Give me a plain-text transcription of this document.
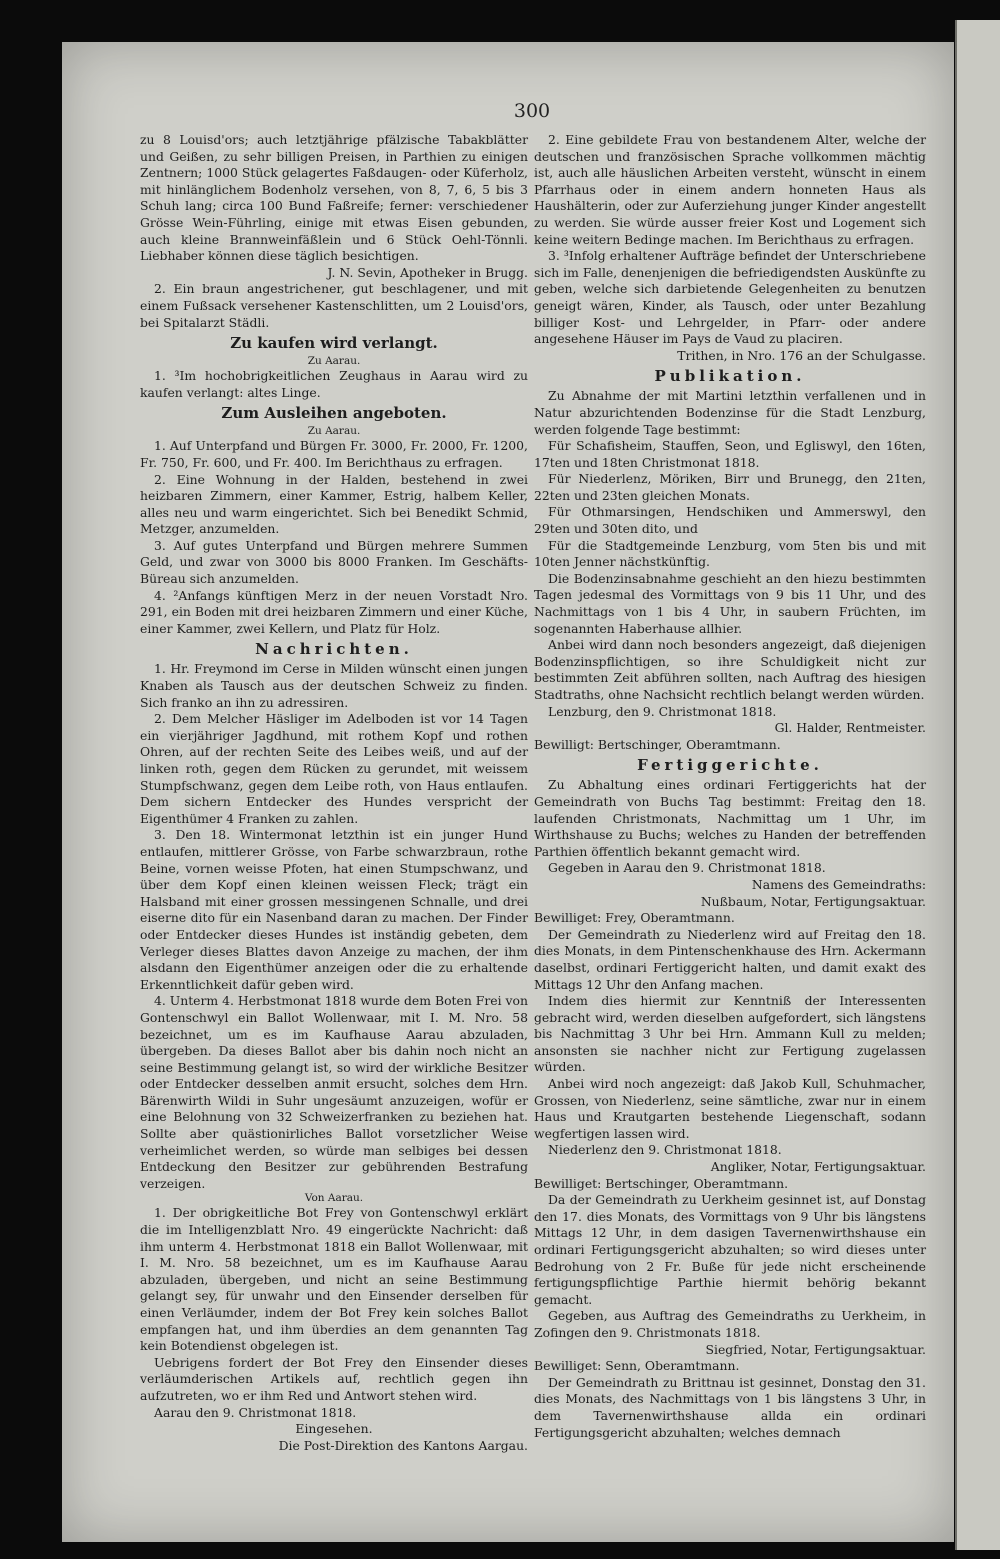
300

zu 8 Louisd'ors; auch letztjährige pfälzische Tabakblätter und Geißen, zu sehr billigen Preisen, in Parthien zu einigen Zentnern; 1000 Stück gelagertes Faßdaugen- oder Küferholz, mit hinlänglichem Bodenholz versehen, von 8, 7, 6, 5 bis 3 Schuh lang; circa 100 Bund Faßreife; ferner: verschiedener Grösse Wein-Führling, einige mit etwas Eisen gebunden, auch kleine Brannweinfäßlein und 6 Stück Oehl-Tönnli. Liebhaber können diese täglich besichtigen.

J. N. Sevin, Apotheker in Brugg.

2. Ein braun angestrichener, gut beschlagener, und mit einem Fußsack versehener Kastenschlitten, um 2 Louisd'ors, bei Spitalarzt Städli.

Zu kaufen wird verlangt.

Zu Aarau.

1. ³Im hochobrigkeitlichen Zeughaus in Aarau wird zu kaufen verlangt: altes Linge.

Zum Ausleihen angeboten.

Zu Aarau.

1. Auf Unterpfand und Bürgen Fr. 3000, Fr. 2000, Fr. 1200, Fr. 750, Fr. 600, und Fr. 400. Im Berichthaus zu erfragen.

2. Eine Wohnung in der Halden, bestehend in zwei heizbaren Zimmern, einer Kammer, Estrig, halbem Keller, alles neu und warm eingerichtet. Sich bei Benedikt Schmid, Metzger, anzumelden.

3. Auf gutes Unterpfand und Bürgen mehrere Summen Geld, und zwar von 3000 bis 8000 Franken. Im Geschäfts-Büreau sich anzumelden.

4. ²Anfangs künftigen Merz in der neuen Vorstadt Nro. 291, ein Boden mit drei heizbaren Zimmern und einer Küche, einer Kammer, zwei Kellern, und Platz für Holz.

Nachrichten.

1. Hr. Freymond im Cerse in Milden wünscht einen jungen Knaben als Tausch aus der deutschen Schweiz zu finden. Sich franko an ihn zu adressiren.

2. Dem Melcher Häsliger im Adelboden ist vor 14 Tagen ein vierjähriger Jagdhund, mit rothem Kopf und rothen Ohren, auf der rechten Seite des Leibes weiß, und auf der linken roth, gegen dem Rücken zu gerundet, mit weissem Stumpfschwanz, gegen dem Leibe roth, von Haus entlaufen. Dem sichern Entdecker des Hundes verspricht der Eigenthümer 4 Franken zu zahlen.

3. Den 18. Wintermonat letzthin ist ein junger Hund entlaufen, mittlerer Grösse, von Farbe schwarzbraun, rothe Beine, vornen weisse Pfoten, hat einen Stumpschwanz, und über dem Kopf einen kleinen weissen Fleck; trägt ein Halsband mit einer grossen messingenen Schnalle, und drei eiserne dito für ein Nasenband daran zu machen. Der Finder oder Entdecker dieses Hundes ist inständig gebeten, dem Verleger dieses Blattes davon Anzeige zu machen, der ihm alsdann den Eigenthümer anzeigen oder die zu erhaltende Erkenntlichkeit dafür geben wird.

4. Unterm 4. Herbstmonat 1818 wurde dem Boten Frei von Gontenschwyl ein Ballot Wollenwaar, mit I. M. Nro. 58 bezeichnet, um es im Kaufhause Aarau abzuladen, übergeben. Da dieses Ballot aber bis dahin noch nicht an seine Bestimmung gelangt ist, so wird der wirkliche Besitzer oder Entdecker desselben anmit ersucht, solches dem Hrn. Bärenwirth Wildi in Suhr ungesäumt anzuzeigen, wofür er eine Belohnung von 32 Schweizerfranken zu beziehen hat. Sollte aber quästionirliches Ballot vorsetzlicher Weise verheimlichet werden, so würde man selbiges bei dessen Entdeckung den Besitzer zur gebührenden Bestrafung verzeigen.

Von Aarau.

1. Der obrigkeitliche Bot Frey von Gontenschwyl erklärt die im Intelligenzblatt Nro. 49 eingerückte Nachricht: daß ihm unterm 4. Herbstmonat 1818 ein Ballot Wollenwaar, mit I. M. Nro. 58 bezeichnet, um es im Kaufhause Aarau abzuladen, übergeben, und nicht an seine Bestimmung gelangt sey, für unwahr und den Einsender derselben für einen Verläumder, indem der Bot Frey kein solches Ballot empfangen hat, und ihm überdies an dem genannten Tag kein Botendienst obgelegen ist.

Uebrigens fordert der Bot Frey den Einsender dieses verläumderischen Artikels auf, rechtlich gegen ihn aufzutreten, wo er ihm Red und Antwort stehen wird.

Aarau den 9. Christmonat 1818.

Eingesehen.

Die Post-Direktion des Kantons Aargau.

2. Eine gebildete Frau von bestandenem Alter, welche der deutschen und französischen Sprache vollkommen mächtig ist, auch alle häuslichen Arbeiten versteht, wünscht in einem Pfarrhaus oder in einem andern honneten Haus als Haushälterin, oder zur Auferziehung junger Kinder angestellt zu werden. Sie würde ausser freier Kost und Logement sich keine weitern Bedinge machen. Im Berichthaus zu erfragen.

3. ³Infolg erhaltener Aufträge befindet der Unterschriebene sich im Falle, denenjenigen die befriedigendsten Auskünfte zu geben, welche sich darbietende Gelegenheiten zu benutzen geneigt wären, Kinder, als Tausch, oder unter Bezahlung billiger Kost- und Lehrgelder, in Pfarr- oder andere angesehene Häuser im Pays de Vaud zu placiren.

Trithen, in Nro. 176 an der Schulgasse.

Publikation.

Zu Abnahme der mit Martini letzthin verfallenen und in Natur abzurichtenden Bodenzinse für die Stadt Lenzburg, werden folgende Tage bestimmt:

Für Schafisheim, Stauffen, Seon, und Egliswyl, den 16ten, 17ten und 18ten Christmonat 1818.

Für Niederlenz, Möriken, Birr und Brunegg, den 21ten, 22ten und 23ten gleichen Monats.

Für Othmarsingen, Hendschiken und Ammerswyl, den 29ten und 30ten dito, und

Für die Stadtgemeinde Lenzburg, vom 5ten bis und mit 10ten Jenner nächstkünftig.

Die Bodenzinsabnahme geschieht an den hiezu bestimmten Tagen jedesmal des Vormittags von 9 bis 11 Uhr, und des Nachmittags von 1 bis 4 Uhr, in saubern Früchten, im sogenannten Haberhause allhier.

Anbei wird dann noch besonders angezeigt, daß diejenigen Bodenzinspflichtigen, so ihre Schuldigkeit nicht zur bestimmten Zeit abführen sollten, nach Auftrag des hiesigen Stadtraths, ohne Nachsicht rechtlich belangt werden würden.

Lenzburg, den 9. Christmonat 1818.

Gl. Halder, Rentmeister.

Bewilligt: Bertschinger, Oberamtmann.

Fertiggerichte.

Zu Abhaltung eines ordinari Fertiggerichts hat der Gemeindrath von Buchs Tag bestimmt: Freitag den 18. laufenden Christmonats, Nachmittag um 1 Uhr, im Wirthshause zu Buchs; welches zu Handen der betreffenden Parthien öffentlich bekannt gemacht wird.

Gegeben in Aarau den 9. Christmonat 1818.

Namens des Gemeindraths:

Nußbaum, Notar, Fertigungsaktuar.

Bewilliget: Frey, Oberamtmann.

Der Gemeindrath zu Niederlenz wird auf Freitag den 18. dies Monats, in dem Pintenschenkhause des Hrn. Ackermann daselbst, ordinari Fertiggericht halten, und damit exakt des Mittags 12 Uhr den Anfang machen.

Indem dies hiermit zur Kenntniß der Interessenten gebracht wird, werden dieselben aufgefordert, sich längstens bis Nachmittag 3 Uhr bei Hrn. Ammann Kull zu melden; ansonsten sie nachher nicht zur Fertigung zugelassen würden.

Anbei wird noch angezeigt: daß Jakob Kull, Schuhmacher, Grossen, von Niederlenz, seine sämtliche, zwar nur in einem Haus und Krautgarten bestehende Liegenschaft, sodann wegfertigen lassen wird.

Niederlenz den 9. Christmonat 1818.

Angliker, Notar, Fertigungsaktuar.

Bewilliget: Bertschinger, Oberamtmann.

Da der Gemeindrath zu Uerkheim gesinnet ist, auf Donstag den 17. dies Monats, des Vormittags von 9 Uhr bis längstens Mittags 12 Uhr, in dem dasigen Tavernenwirthshause ein ordinari Fertigungsgericht abzuhalten; so wird dieses unter Bedrohung von 2 Fr. Buße für jede nicht erscheinende fertigungspflichtige Parthie hiermit behörig bekannt gemacht.

Gegeben, aus Auftrag des Gemeindraths zu Uerkheim, in Zofingen den 9. Christmonats 1818.

Siegfried, Notar, Fertigungsaktuar.

Bewilliget: Senn, Oberamtmann.

Der Gemeindrath zu Brittnau ist gesinnet, Donstag den 31. dies Monats, des Nachmittags von 1 bis längstens 3 Uhr, in dem Tavernenwirthshause allda ein ordinari Fertigungsgericht abzuhalten; welches demnach
